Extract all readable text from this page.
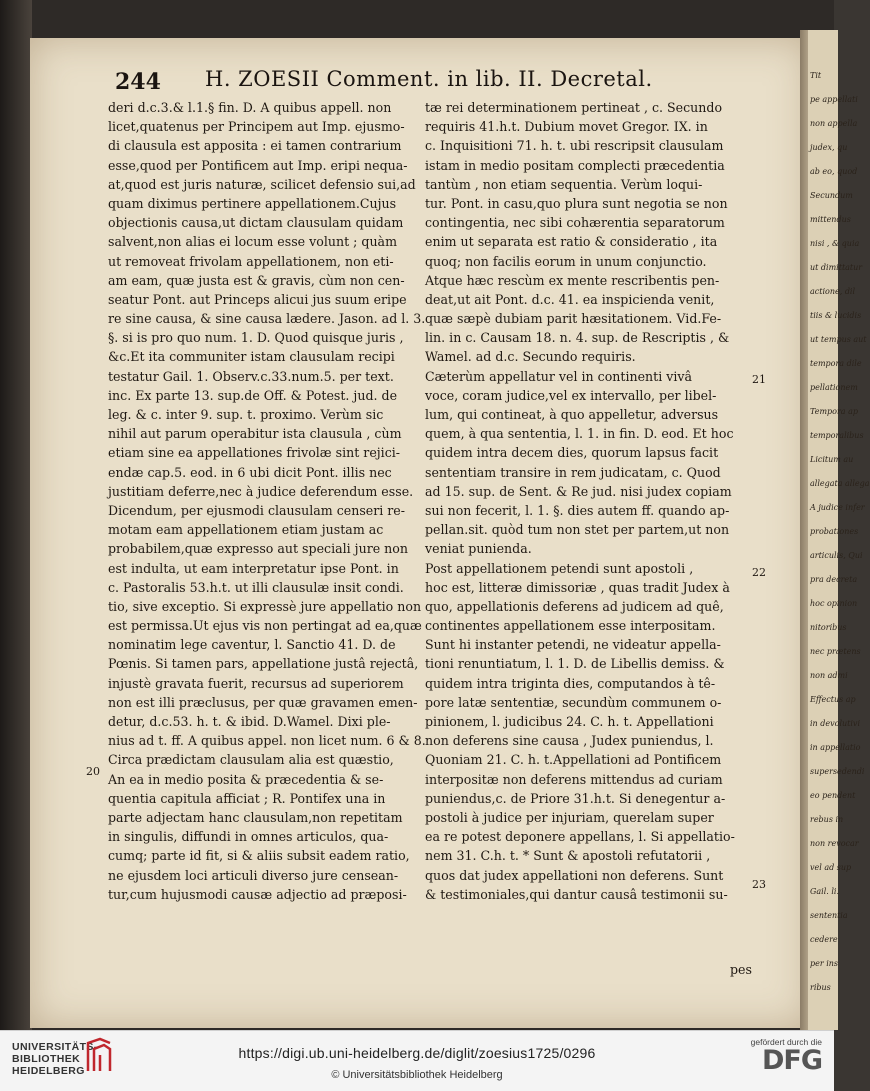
Tit
pe appellati
non appella
judex, qu
ab eo, quod
Secundum
mittendus
nisi , & quia
ut dimittatur
actione, dil
tiis & lucidis
ut tempus aut
tempora dile
pellationem
Tempora ap
temporalibus
Licitum au
allegata allega
A judice infer
probationes
articulis, Qui
pra decreta
hoc opinion
nitoribus
nec prætens
non admi
Effectus ap
in devolutivi
in appellatio
supersedendi
eo pendent
rebus in
non revocar
vel ad sup
Gail. li.
sententia
cedere
per ins
ribus
244 H. ZOESII Comment. in lib. II. Decretal.
deri d.c.3.& l.1.§ fin. D. A quibus appell. non
licet,quatenus per Principem aut Imp. ejusmo-
di clausula est apposita : ei tamen contrarium
esse,quod per Pontificem aut Imp. eripi nequa-
at,quod est juris naturæ, scilicet defensio sui,ad
quam diximus pertinere appellationem.Cujus
objectionis causa,ut dictam clausulam quidam
salvent,non alias ei locum esse volunt ; quàm
ut removeat frivolam appellationem, non eti-
am eam, quæ justa est & gravis, cùm non cen-
seatur Pont. aut Princeps alicui jus suum eripe
re sine causa, & sine causa lædere. Jason. ad l. 3.
§. si is pro quo num. 1. D. Quod quisque juris ,
&c.Et ita communiter istam clausulam recipi
testatur Gail. 1. Observ.c.33.num.5. per text.
inc. Ex parte 13. sup.de Off. & Potest. jud. de
leg. & c. inter 9. sup. t. proximo. Verùm sic
nihil aut parum operabitur ista clausula , cùm
etiam sine ea appellationes frivolæ sint rejici-
endæ cap.5. eod. in 6 ubi dicit Pont. illis nec
justitiam deferre,nec à judice deferendum esse.
Dicendum, per ejusmodi clausulam censeri re-
motam eam appellationem etiam justam ac
probabilem,quæ expresso aut speciali jure non
est indulta, ut eam interpretatur ipse Pont. in
c. Pastoralis 53.h.t. ut illi clausulæ insit condi.
tio, sive exceptio. Si expressè jure appellatio non
est permissa.Ut ejus vis non pertingat ad ea,quæ
nominatim lege caventur, l. Sanctio 41. D. de
Pœnis. Si tamen pars, appellatione justâ rejectâ,
injustè gravata fuerit, recursus ad superiorem
non est illi præclusus, per quæ gravamen emen-
detur, d.c.53. h. t. & ibid. D.Wamel. Dixi ple-
nius ad t. ff. A quibus appel. non licet num. 6 & 8.
Circa prædictam clausulam alia est quæstio,
An ea in medio posita & præcedentia & se-
quentia capitula afficiat ; R. Pontifex una in
parte adjectam hanc clausulam,non repetitam
in singulis, diffundi in omnes articulos, qua-
cumq; parte id fit, si & aliis subsit eadem ratio,
ne ejusdem loci articuli diverso jure censean-
tur,cum hujusmodi causæ adjectio ad præposi-
tæ rei determinationem pertineat , c. Secundo
requiris 41.h.t. Dubium movet Gregor. IX. in
c. Inquisitioni 71. h. t. ubi rescripsit clausulam
istam in medio positam complecti præcedentia
tantùm , non etiam sequentia. Verùm loqui-
tur. Pont. in casu,quo plura sunt negotia se non
contingentia, nec sibi cohærentia separatorum
enim ut separata est ratio & consideratio , ita
quoq; non facilis eorum in unum conjunctio.
Atque hæc rescùm ex mente rescribentis pen-
deat,ut ait Pont. d.c. 41. ea inspicienda venit,
quæ sæpè dubiam parit hæsitationem. Vid.Fe-
lin. in c. Causam 18. n. 4. sup. de Rescriptis , &
Wamel. ad d.c. Secundo requiris.
Cæterùm appellatur vel in continenti vivâ
voce, coram judice,vel ex intervallo, per libel-
lum, qui contineat, à quo appelletur, adversus
quem, à qua sententia, l. 1. in fin. D. eod. Et hoc
quidem intra decem dies, quorum lapsus facit
sententiam transire in rem judicatam, c. Quod
ad 15. sup. de Sent. & Re jud. nisi judex copiam
sui non fecerit, l. 1. §. dies autem ff. quando ap-
pellan.sit. quòd tum non stet per partem,ut non
veniat punienda.
Post appellationem petendi sunt apostoli ,
hoc est, litteræ dimissoriæ , quas tradit Judex à
quo, appellationis deferens ad judicem ad quê,
continentes appellationem esse interpositam.
Sunt hi instanter petendi, ne videatur appella-
tioni renuntiatum, l. 1. D. de Libellis demiss. &
quidem intra triginta dies, computandos à tê-
pore latæ sententiæ, secundùm communem o-
pinionem, l. judicibus 24. C. h. t. Appellationi
non deferens sine causa , Judex puniendus, l.
Quoniam 21. C. h. t.Appellationi ad Pontificem
interpositæ non deferens mittendus ad curiam
puniendus,c. de Priore 31.h.t. Si denegentur a-
postoli à judice per injuriam, querelam super
ea re potest deponere appellans, l. Si appellatio-
nem 31. C.h. t. * Sunt & apostoli refutatorii ,
quos dat judex appellationi non deferens. Sunt
& testimoniales,qui dantur causâ testimonii su-
20
21
22
23
pes
UNIVERSITÄTS-
BIBLIOTHEK
HEIDELBERG
https://digi.ub.uni-heidelberg.de/diglit/zoesius1725/0296
© Universitätsbibliothek Heidelberg
gefördert durch die
DFG
